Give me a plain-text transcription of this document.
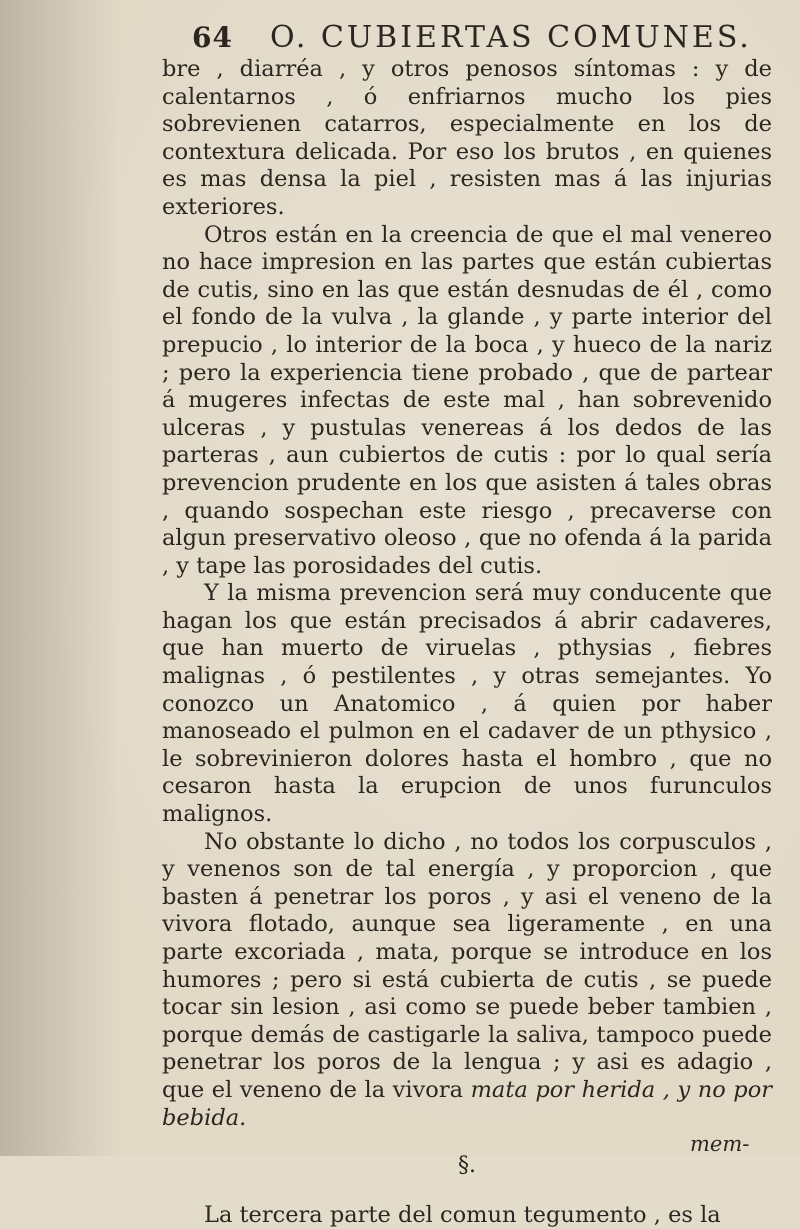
64	O. CUBIERTAS COMUNES.

bre , diarréa , y otros penosos síntomas : y de calentarnos , ó enfriarnos mucho los pies sobrevienen catarros, especialmente en los de contextura delicada. Por eso los brutos , en quienes es mas densa la piel , resisten mas á las injurias exteriores.

Otros están en la creencia de que el mal venereo no hace impresion en las partes que están cubiertas de cutis, sino en las que están desnudas de él , como el fondo de la vulva , la glande , y parte interior del prepucio , lo interior de la boca , y hueco de la nariz ; pero la experiencia tiene probado , que de partear á mugeres infectas de este mal , han sobrevenido ulceras , y pustulas venereas á los dedos de las parteras , aun cubiertos de cutis : por lo qual sería prevencion prudente en los que asisten á tales obras , quando sospechan este riesgo , precaverse con algun preservativo oleoso , que no ofenda á la parida , y tape las porosidades del cutis.

Y la misma prevencion será muy conducente que hagan los que están precisados á abrir cadaveres, que han muerto de viruelas , pthysias , fiebres malignas , ó pestilentes , y otras semejantes. Yo conozco un Anatomico , á quien por haber manoseado el pulmon en el cadaver de un pthysico , le sobrevinieron dolores hasta el hombro , que no cesaron hasta la erupcion de unos furunculos malignos.

No obstante lo dicho , no todos los corpusculos , y venenos son de tal energía , y proporcion , que basten á penetrar los poros , y asi el veneno de la vivora flotado, aunque sea ligeramente , en una parte excoriada , mata, porque se introduce en los humores ; pero si está cubierta de cutis , se puede tocar sin lesion , asi como se puede beber tambien , porque demás de castigarle la saliva, tampoco puede penetrar los poros de la lengua ; y asi es adagio , que el veneno de la vivora mata por herida , y no por bebida.

§.

La tercera parte del comun tegumento , es la

mem-
